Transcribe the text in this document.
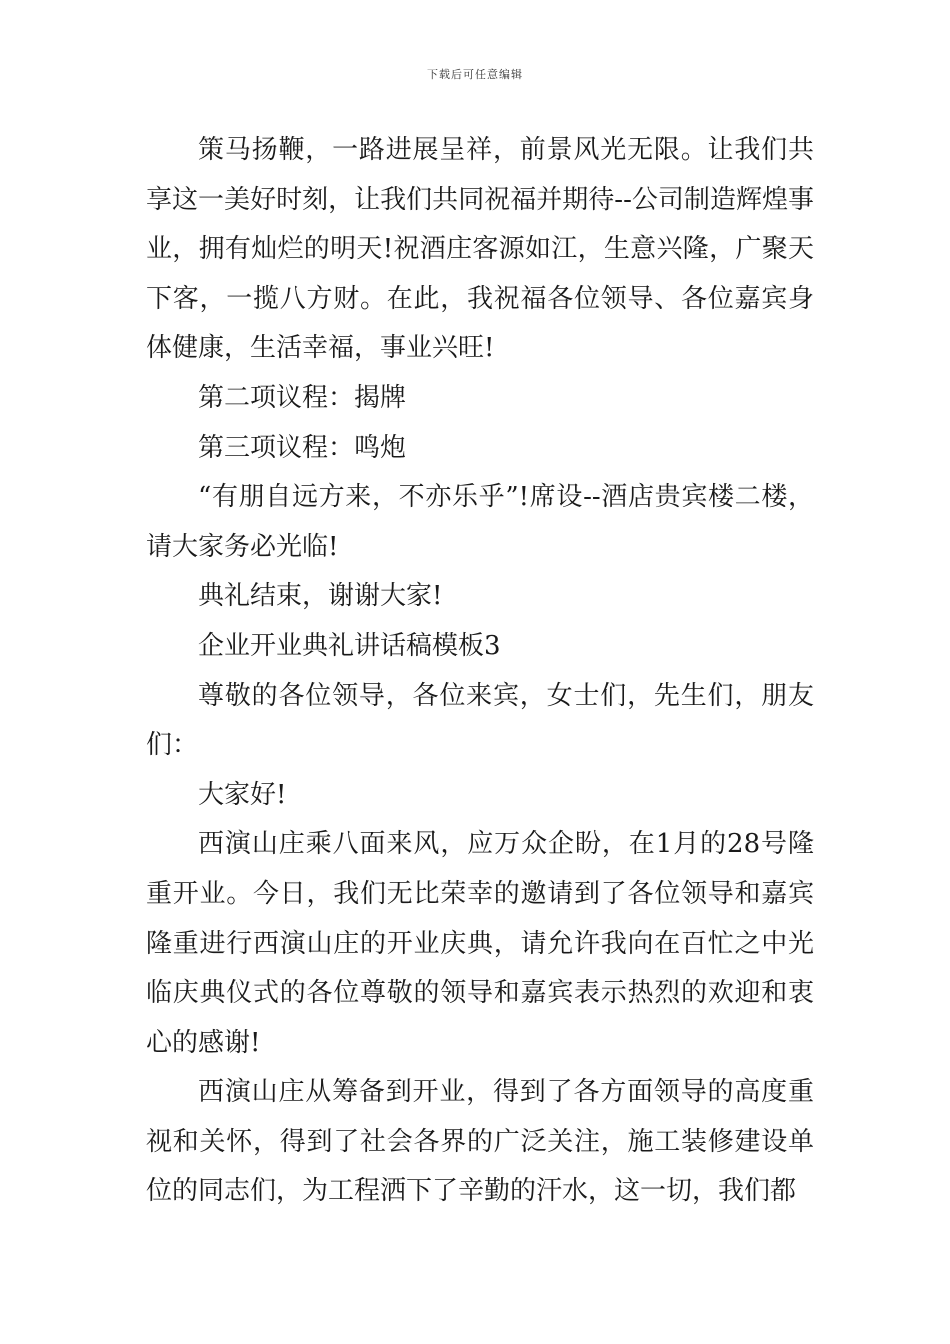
下载后可任意编辑

策马扬鞭，一路进展呈祥，前景风光无限。让我们共享这一美好时刻，让我们共同祝福并期待--公司制造辉煌事业，拥有灿烂的明天!祝酒庄客源如江，生意兴隆，广聚天下客，一揽八方财。在此，我祝福各位领导、各位嘉宾身体健康，生活幸福，事业兴旺!

第二项议程：揭牌

第三项议程：鸣炮

“有朋自远方来，不亦乐乎”!席设--酒店贵宾楼二楼，请大家务必光临!

典礼结束，谢谢大家!

企业开业典礼讲话稿模板3

尊敬的各位领导，各位来宾，女士们，先生们，朋友们：

大家好!

西演山庄乘八面来风，应万众企盼，在1月的28号隆重开业。今日，我们无比荣幸的邀请到了各位领导和嘉宾隆重进行西演山庄的开业庆典，请允许我向在百忙之中光临庆典仪式的各位尊敬的领导和嘉宾表示热烈的欢迎和衷心的感谢!

西演山庄从筹备到开业，得到了各方面领导的高度重视和关怀，得到了社会各界的广泛关注，施工装修建设单位的同志们，为工程洒下了辛勤的汗水，这一切，我们都
